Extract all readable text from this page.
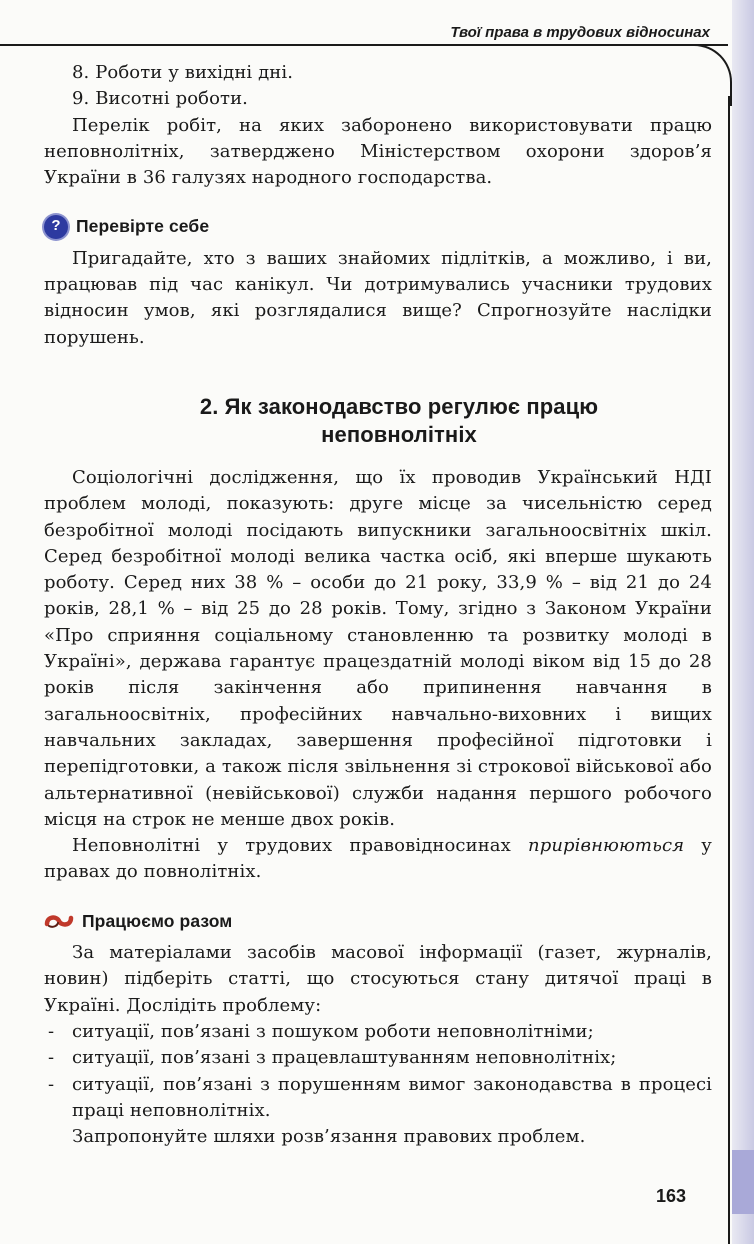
Твої права в трудових відносинах
8. Роботи у вихідні дні.
9. Висотні роботи.

Перелік робіт, на яких заборонено використовувати працю неповнолітніх, затверджено Міністерством охорони здоров’я України в 36 галузях народного господарства.

? Перевірте себе

Пригадайте, хто з ваших знайомих підлітків, а можливо, і ви, працював під час канікул. Чи дотримувались учасники трудових відносин умов, які розглядалися вище? Спрогнозуйте наслідки порушень.

2. Як законодавство регулює працю
неповнолітніх

Соціологічні дослідження, що їх проводив Український НДІ проблем молоді, показують: друге місце за чисельністю серед безробітної молоді посідають випускники загальноосвітніх шкіл. Серед безробітної молоді велика частка осіб, які вперше шукають роботу. Серед них 38 % – особи до 21 року, 33,9 % – від 21 до 24 років, 28,1 % – від 25 до 28 років. Тому, згідно з Законом України «Про сприяння соціальному становленню та розвитку молоді в Україні», держава гарантує працездатній молоді віком від 15 до 28 років після закінчення або припинення навчання в загальноосвітніх, професійних навчально-виховних і вищих навчальних закладах, завершення професійної підготовки і перепідготовки, а також після звільнення зі строкової військової або альтернативної (невійськової) служби надання першого робочого місця на строк не менше двох років.

Неповнолітні у трудових правовідносинах прирівнюються у правах до повнолітніх.

Працюємо разом

За матеріалами засобів масової інформації (газет, журналів, новин) підберіть статті, що стосуються стану дитячої праці в Україні. Дослідіть проблему:

- ситуації, пов’язані з пошуком роботи неповнолітніми;
- ситуації, пов’язані з працевлаштуванням неповнолітніх;
- ситуації, пов’язані з порушенням вимог законодавства в процесі праці неповнолітніх.

Запропонуйте шляхи розв’язання правових проблем.

163
